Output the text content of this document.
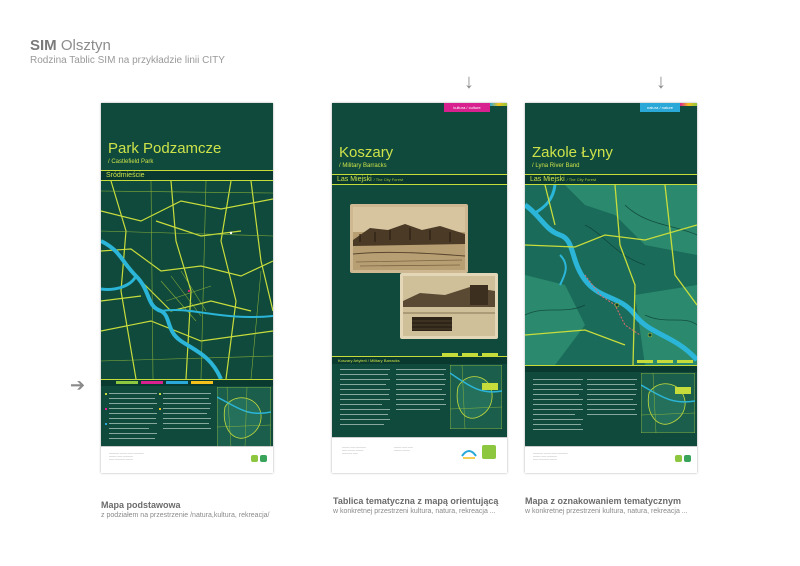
SIM Olsztyn
Rodzina Tablic SIM na przykładzie linii CITY
↓	↓
➔
Park Podzamcze
/ Castlefield Park
Śródmieście
———— ——— —— ————
——— —— ————
—— ———— ———
kultura / culture
Koszary
/ Military Barracks
Las Miejski / The City Forest
Koszary Artylerii / Military Barracks
——— —— ————
—— ——— ———
———— ——
——— —— ——
——— ———
natura / nature
Zakole Łyny
/ Lyna River Band
Las Miejski / The City Forest
———— ——— —— ————
——— —— ————
—— ———— ———
Mapa podstawowa
z podziałem na przestrzenie /natura,kultura, rekreacja/
Tablica tematyczna z mapą orientującą
w konkretnej przestrzeni kultura, natura, rekreacja ...
Mapa z oznakowaniem tematycznym
w konkretnej przestrzeni kultura, natura, rekreacja ...
